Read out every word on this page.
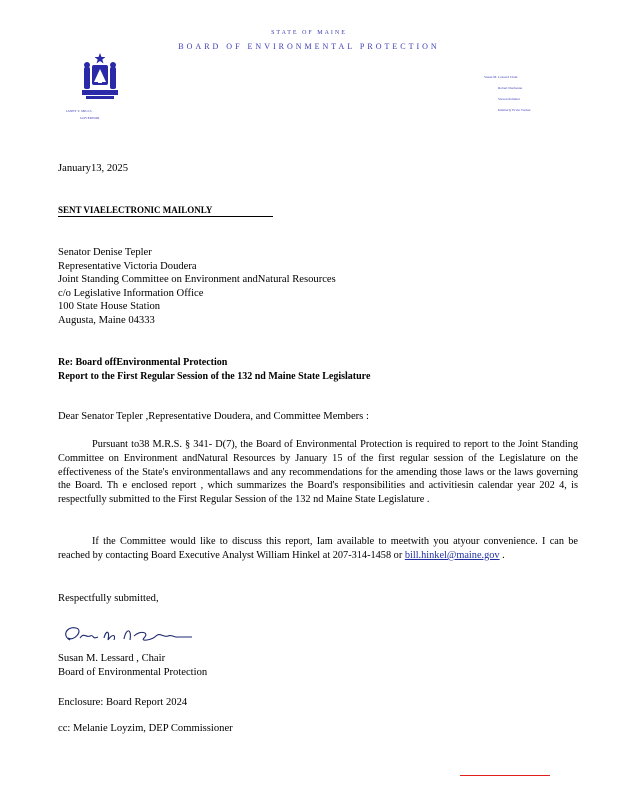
STATE OF MAINE
BOARD OF ENVIRONMENTAL PROTECTION
JANET T. MILLS
GOVERNOR
Susan M. Lessard Chair
Robert Duchesne
Steven Pelletier
Kimberly Ervin Tucker
January13, 2025
SENT VIAELECTRONIC MAILONLY
Senator Denise Tepler
Representative Victoria Doudera
Joint Standing Committee on Environment andNatural Resources
c/o Legislative Information Office
100 State House Station
Augusta, Maine 04333
Re: Board offEnvironmental Protection
Report to the First Regular Session of the 132 nd Maine State Legislature
Dear Senator Tepler ,Representative Doudera, and Committee Members :
Pursuant to38 M.R.S. § 341- D(7), the Board of Environmental Protection is required to report to the Joint Standing Committee on Environment andNatural Resources by January 15 of the first regular session of the Legislature on the effectiveness of the State's environmentallaws and any recommendations for the amending those laws or the laws governing the Board. Th e enclosed report , which summarizes the Board's responsibilities and activitiesin calendar year 202 4, is respectfully submitted to the First Regular Session of the 132 nd Maine State Legislature .
If the Committee would like to discuss this report, Iam available to meetwith you atyour convenience. I can be reached by contacting Board Executive Analyst William Hinkel at 207-314-1458 or bill.hinkel@maine.gov .
Respectfully submitted,
Susan M. Lessard , Chair
Board of Environmental Protection
Enclosure: Board Report 2024
cc: Melanie Loyzim, DEP Commissioner
